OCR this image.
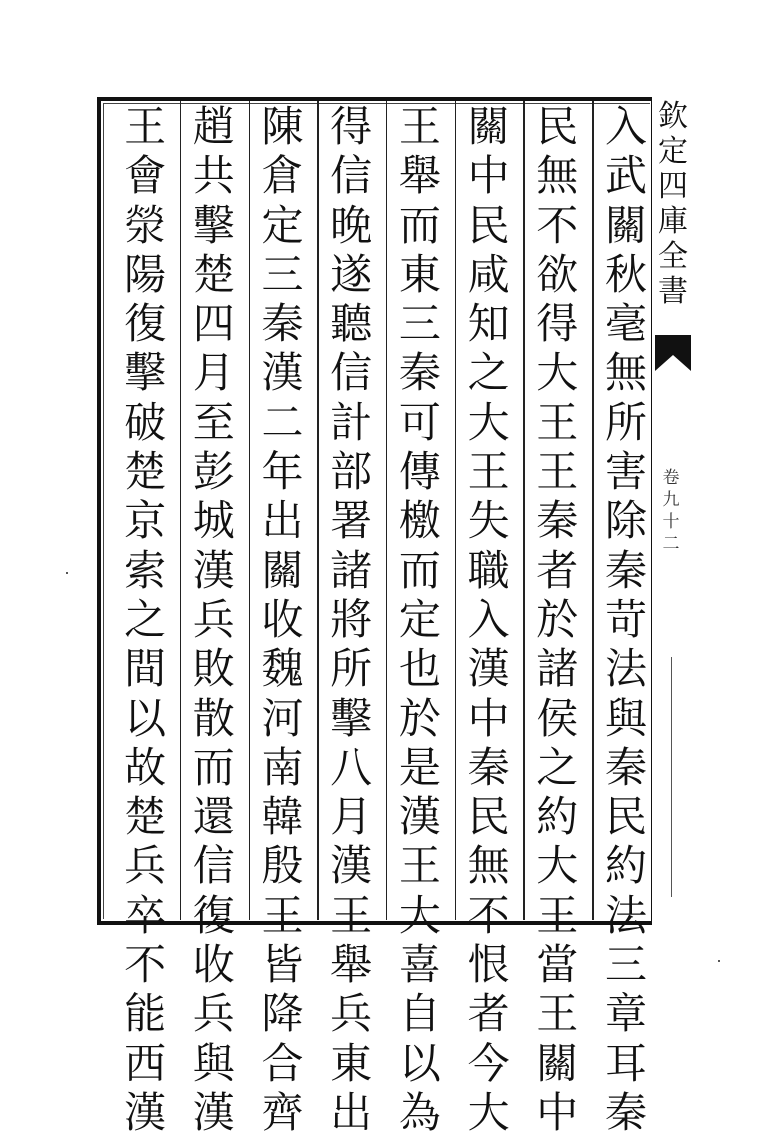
入
武
關
秋
毫
無
所
害
除
秦
苛
法
與
秦
民
約
法
三
章
耳
秦
民
無
不
欲
得
大
王
王
秦
者
於
諸
侯
之
約
大
王
當
王
關
中
關
中
民
咸
知
之
大
王
失
職
入
漢
中
秦
民
無
不
恨
者
今
大
王
舉
而
東
三
秦
可
傳
檄
而
定
也
於
是
漢
王
大
喜
自
以
為
得
信
晚
遂
聽
信
計
部
署
諸
將
所
擊
八
月
漢
王
舉
兵
東
出
陳
倉
定
三
秦
漢
二
年
出
關
收
魏
河
南
韓
殷
王
皆
降
合
齊
趙
共
擊
楚
四
月
至
彭
城
漢
兵
敗
散
而
還
信
復
收
兵
與
漢
王
會
滎
陽
復
擊
破
楚
京
索
之
間
以
故
楚
兵
卒
不
能
西
漢
欽
定
四
庫
全
書
卷
九
十
二
